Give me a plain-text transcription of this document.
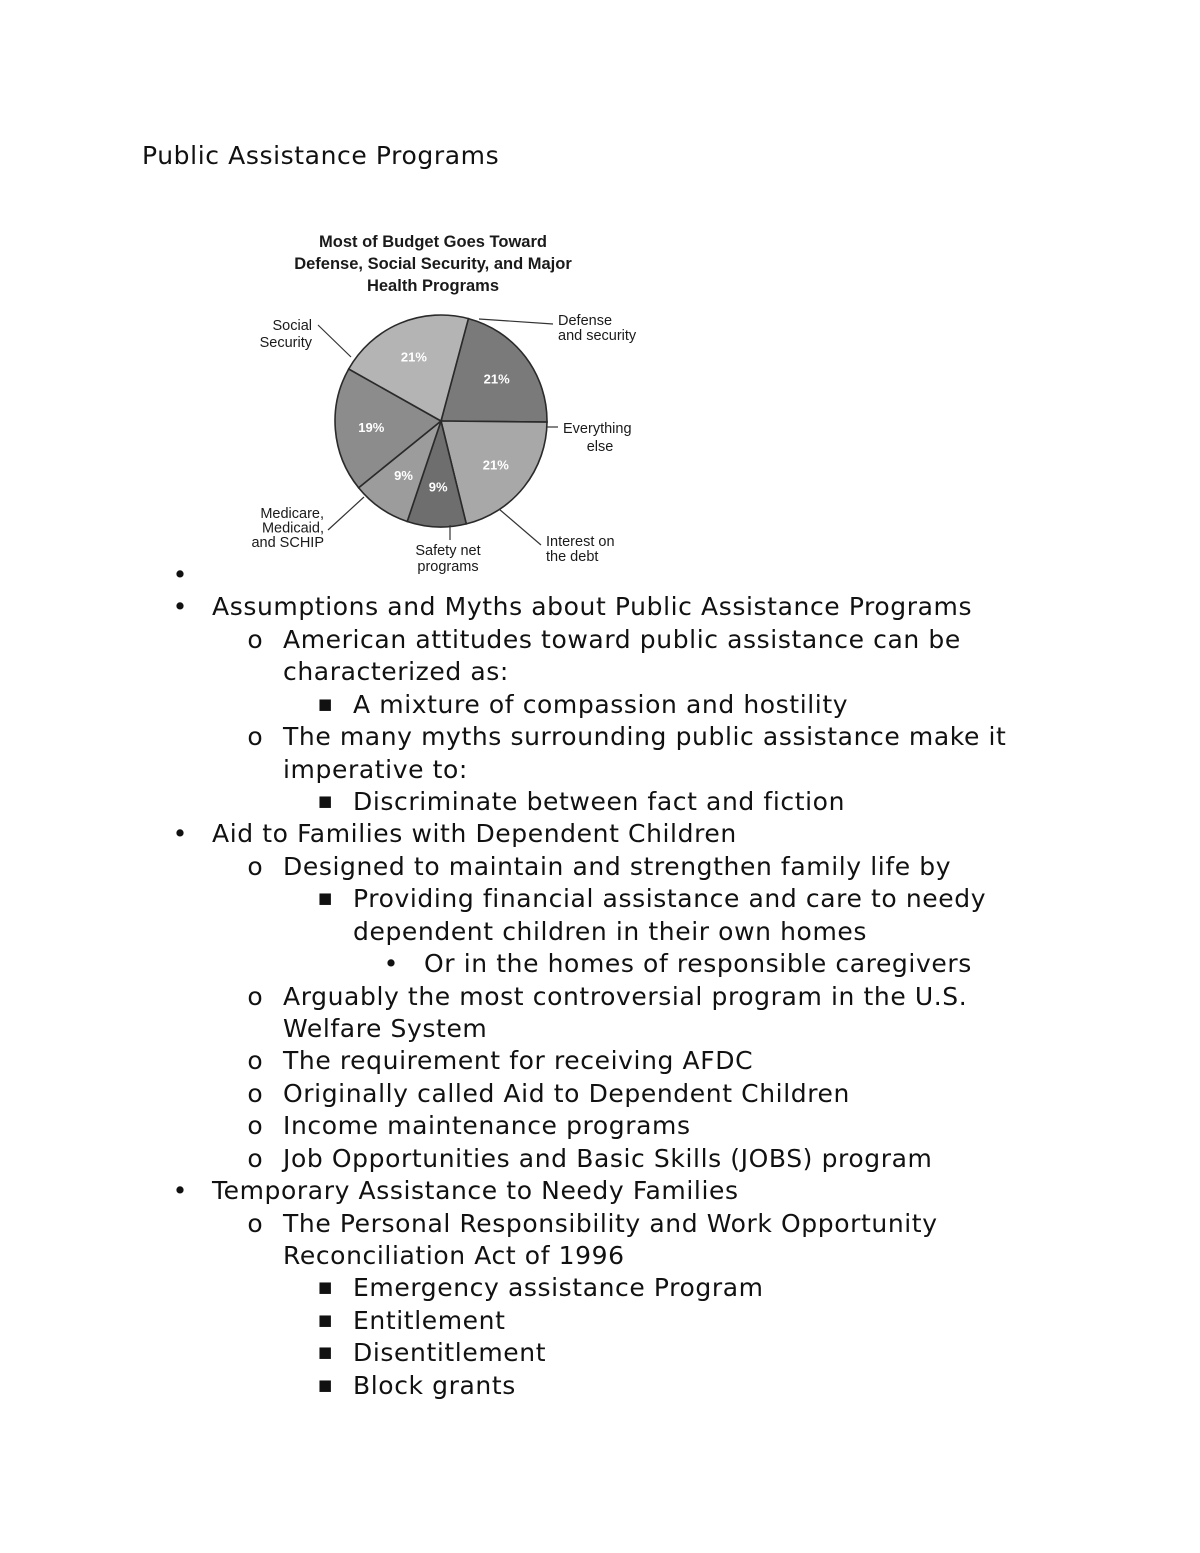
Public Assistance Programs
Most of Budget Goes Toward
Defense, Social Security, and Major
Health Programs
21%
21%
9%
9%
19%
21%
Defense and security
Everything else
Interest on the debt
Safety net programs
Medicare, Medicaid, and SCHIP
Social Security
•
• Assumptions and Myths about Public Assistance Programs
o American attitudes toward public assistance can be
characterized as:
■ A mixture of compassion and hostility
o The many myths surrounding public assistance make it
imperative to:
■ Discriminate between fact and fiction
• Aid to Families with Dependent Children
o Designed to maintain and strengthen family life by
■ Providing financial assistance and care to needy
dependent children in their own homes
• Or in the homes of responsible caregivers
o Arguably the most controversial program in the U.S.
Welfare System
o The requirement for receiving AFDC
o Originally called Aid to Dependent Children
o Income maintenance programs
o Job Opportunities and Basic Skills (JOBS) program
• Temporary Assistance to Needy Families
o The Personal Responsibility and Work Opportunity
Reconciliation Act of 1996
■ Emergency assistance Program
■ Entitlement
■ Disentitlement
■ Block grants
